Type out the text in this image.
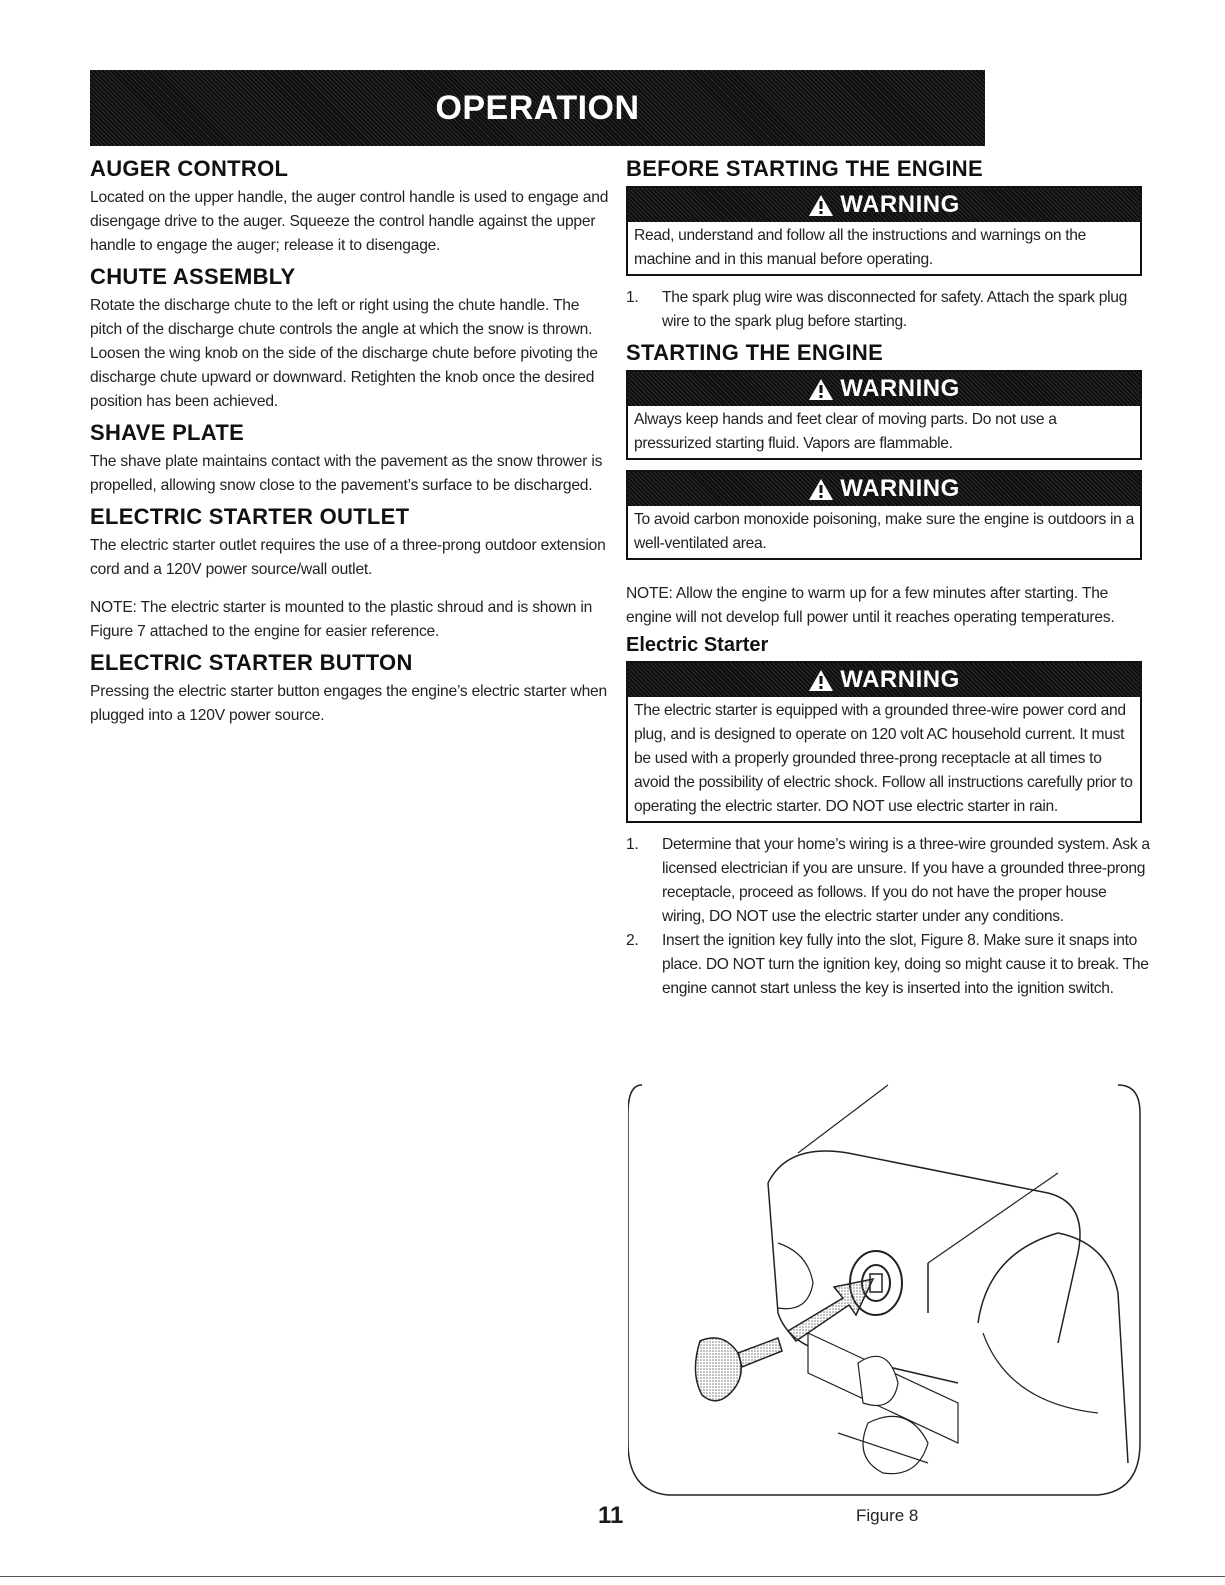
OPERATION
AUGER CONTROL

Located on the upper handle, the auger control handle is used to engage and disengage drive to the auger. Squeeze the control handle against the upper handle to engage the auger; release it to disengage.

CHUTE ASSEMBLY

Rotate the discharge chute to the left or right using the chute handle. The pitch of the discharge chute controls the angle at which the snow is thrown. Loosen the wing knob on the side of the discharge chute before pivoting the discharge chute upward or downward. Retighten the knob once the desired position has been achieved.

SHAVE PLATE

The shave plate maintains contact with the pavement as the snow thrower is propelled, allowing snow close to the pavement’s surface to be discharged.

ELECTRIC STARTER OUTLET

The electric starter outlet requires the use of a three-prong outdoor extension cord and a 120V power source/wall outlet.

NOTE: The electric starter is mounted to the plastic shroud and is shown in Figure 7 attached to the engine for easier reference.

ELECTRIC STARTER BUTTON

Pressing the electric starter button engages the engine’s electric starter when plugged into a 120V power source.

BEFORE STARTING THE ENGINE
WARNING
Read, understand and follow all the instructions and warnings on the machine and in this manual before operating.
1. The spark plug wire was disconnected for safety. Attach the spark plug wire to the spark plug before starting.
STARTING THE ENGINE
WARNING
Always keep hands and feet clear of moving parts. Do not use a pressurized starting fluid. Vapors are flammable.
WARNING
To avoid carbon monoxide poisoning, make sure the engine is outdoors in a well-ventilated area.

NOTE: Allow the engine to warm up for a few minutes after starting. The engine will not develop full power until it reaches operating temperatures.

Electric Starter
WARNING
The electric starter is equipped with a grounded three-wire power cord and plug, and is designed to operate on 120 volt AC household current. It must be used with a properly grounded three-prong receptacle at all times to avoid the possibility of electric shock. Follow all instructions carefully prior to operating the electric starter. DO NOT use electric starter in rain.
1. Determine that your home’s wiring is a three-wire grounded system. Ask a licensed electrician if you are unsure. If you have a grounded three-prong receptacle, proceed as follows. If you do not have the proper house wiring, DO NOT use the electric starter under any conditions.
2. Insert the ignition key fully into the slot, Figure 8. Make sure it snaps into place. DO NOT turn the ignition key, doing so might cause it to break. The engine cannot start unless the key is inserted into the ignition switch.
11	Figure 8
